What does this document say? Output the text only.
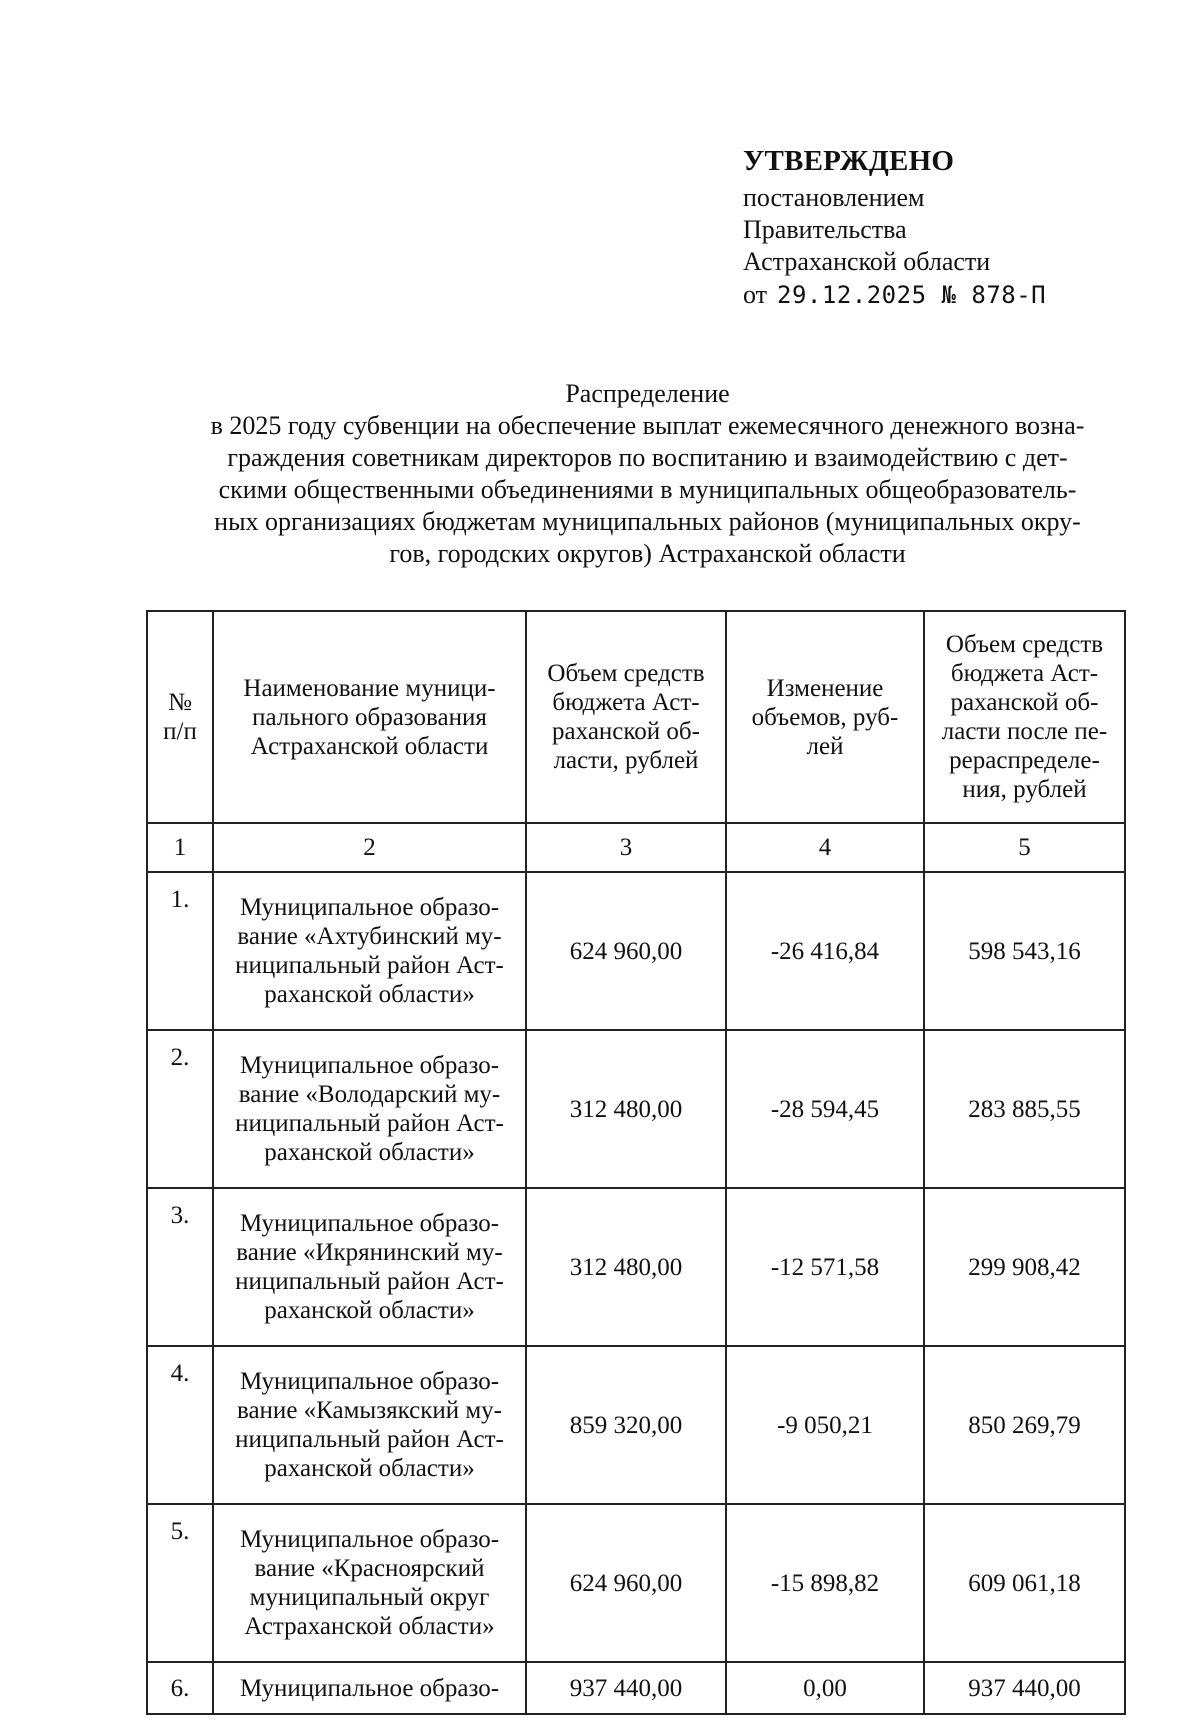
УТВЕРЖДЕНО
постановлением
Правительства
Астраханской области
от 29.12.2025 № 878-П
Распределение
в 2025 году субвенции на обеспечение выплат ежемесячного денежного возна-
граждения советникам директоров по воспитанию и взаимодействию с дет-
скими общественными объединениями в муниципальных общеобразователь-
ных организациях бюджетам муниципальных районов (муниципальных окру-
гов, городских округов) Астраханской области
№ п/п	Наименование муници-пального образования Астраханской области	Объем средств бюджета Аст-раханской об-ласти, рублей	Изменение объемов, руб-лей	Объем средств бюджета Аст-раханской об-ласти после пе-рераспределе-ния, рублей

1	2	3	4	5
1.	Муниципальное образо-вание «Ахтубинский му-ниципальный район Аст-раханской области»	624 960,00	-26 416,84	598 543,16
2.	Муниципальное образо-вание «Володарский му-ниципальный район Аст-раханской области»	312 480,00	-28 594,45	283 885,55
3.	Муниципальное образо-вание «Икрянинский му-ниципальный район Аст-раханской области»	312 480,00	-12 571,58	299 908,42
4.	Муниципальное образо-вание «Камызякский му-ниципальный район Аст-раханской области»	859 320,00	-9 050,21	850 269,79
5.	Муниципальное образо-вание «Красноярский муниципальный округ Астраханской области»	624 960,00	-15 898,82	609 061,18
6.	Муниципальное образо-	937 440,00	0,00	937 440,00
